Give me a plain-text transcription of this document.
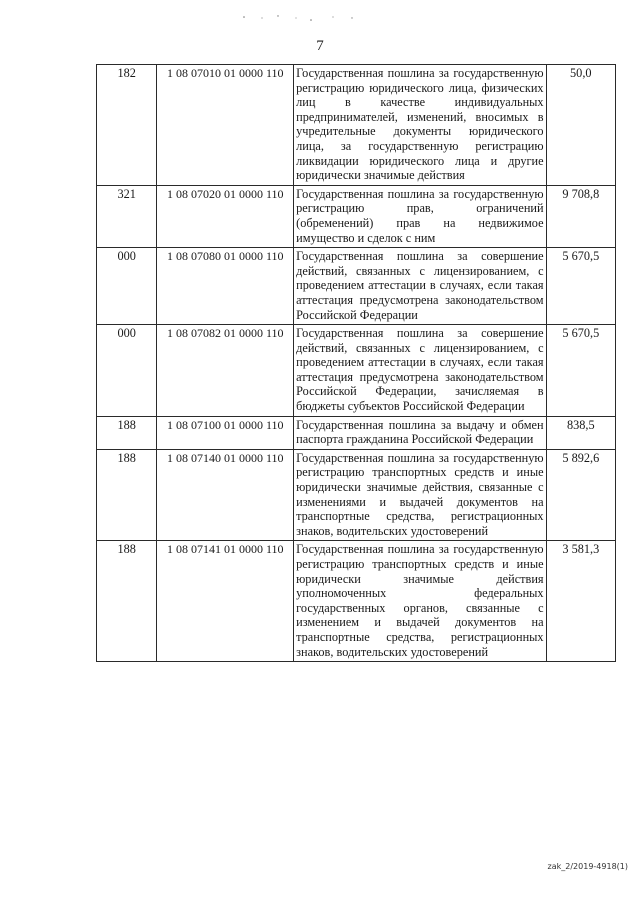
7
182	1 08 07010 01 0000 110	Государственная пошлина за государственную регистрацию юридического лица, физических лиц в качестве индивидуальных предпринимателей, изменений, вносимых в учредительные документы юридического лица, за государственную регистрацию ликвидации юридического лица и другие юридически значимые действия	50,0
321	1 08 07020 01 0000 110	Государственная пошлина за государственную регистрацию прав, ограничений (обременений) прав на недвижимое имущество и сделок с ним	9 708,8
000	1 08 07080 01 0000 110	Государственная пошлина за совершение действий, связанных с лицензированием, с проведением аттестации в случаях, если такая аттестация предусмотрена законодательством Российской Федерации	5 670,5
000	1 08 07082 01 0000 110	Государственная пошлина за совершение действий, связанных с лицензированием, с проведением аттестации в случаях, если такая аттестация предусмотрена законодательством Российской Федерации, зачисляемая в бюджеты субъектов Российской Федерации	5 670,5
188	1 08 07100 01 0000 110	Государственная пошлина за выдачу и обмен паспорта гражданина Российской Федерации	838,5
188	1 08 07140 01 0000 110	Государственная пошлина за государственную регистрацию транспортных средств и иные юридически значимые действия, связанные с изменениями и выдачей документов на транспортные средства, регистрационных знаков, водительских удостоверений	5 892,6
188	1 08 07141 01 0000 110	Государственная пошлина за государственную регистрацию транспортных средств и иные юридически значимые действия уполномоченных федеральных государственных органов, связанные с изменением и выдачей документов на транспортные средства, регистрационных знаков, водительских удостоверений	3 581,3
zak_2/2019-4918(1)
